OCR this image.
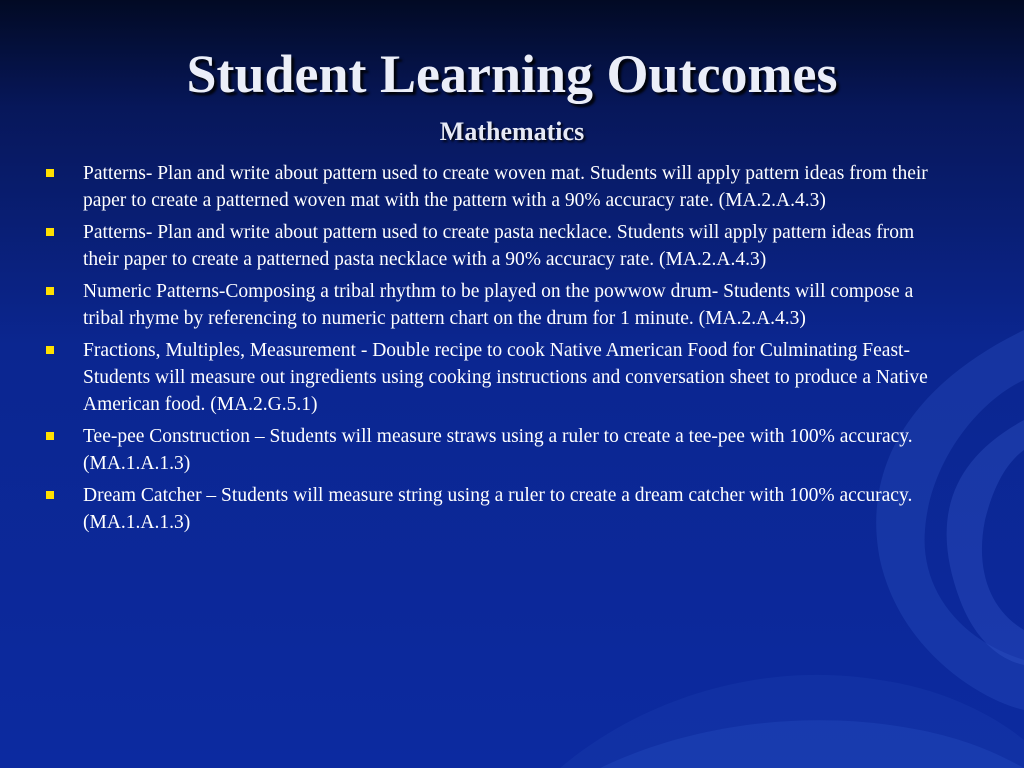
Student Learning Outcomes
Mathematics
Patterns- Plan and write about pattern used to create woven mat. Students will apply pattern ideas from their paper to create a patterned woven mat with the pattern with a 90% accuracy rate. (MA.2.A.4.3)
Patterns- Plan and write about pattern used to create pasta necklace. Students will apply pattern ideas from their paper to create a patterned pasta necklace with a 90% accuracy rate. (MA.2.A.4.3)
Numeric Patterns-Composing a tribal rhythm to be played on the powwow drum- Students will compose a tribal rhyme by referencing to numeric pattern chart on the drum for 1 minute. (MA.2.A.4.3)
Fractions, Multiples, Measurement - Double recipe to cook Native American Food for Culminating Feast- Students will measure out ingredients using cooking instructions and conversation sheet to produce a Native American food. (MA.2.G.5.1)
Tee-pee Construction – Students will measure straws using a ruler to create a tee-pee with 100% accuracy. (MA.1.A.1.3)
Dream Catcher – Students will measure string using a ruler to create a dream catcher with 100% accuracy. (MA.1.A.1.3)
